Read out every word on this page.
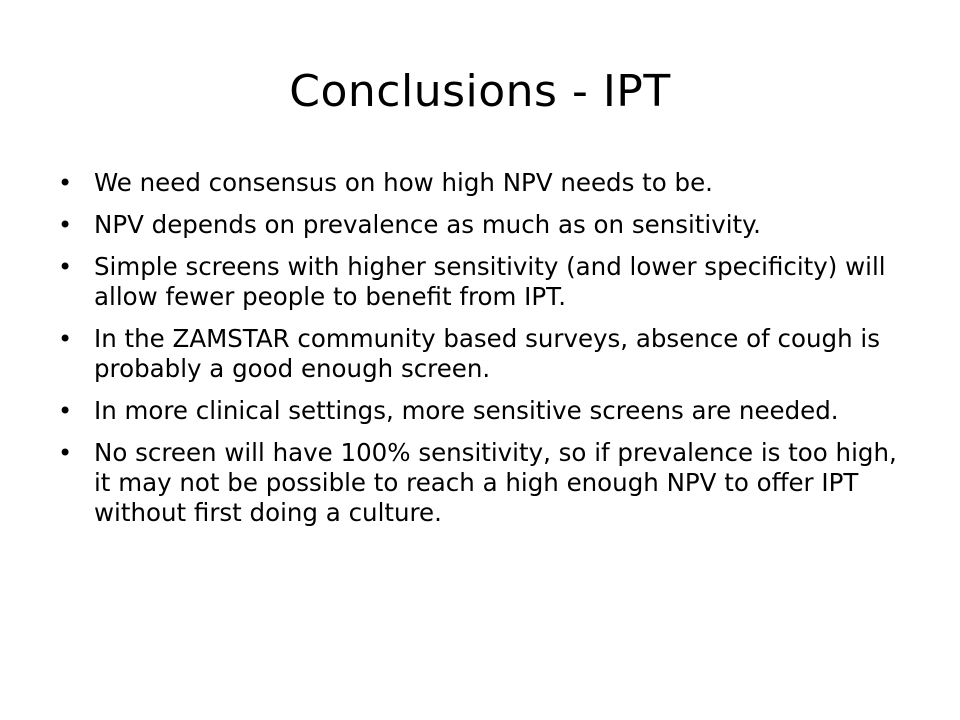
Conclusions - IPT
• We need consensus on how high NPV needs to be.
• NPV depends on prevalence as much as on sensitivity.
• Simple screens with higher sensitivity (and lower specificity) will allow fewer people to benefit from IPT.
• In the ZAMSTAR community based surveys, absence of cough is probably a good enough screen.
• In more clinical settings, more sensitive screens are needed.
• No screen will have 100% sensitivity, so if prevalence is too high, it may not be possible to reach a high enough NPV to offer IPT without first doing a culture.
